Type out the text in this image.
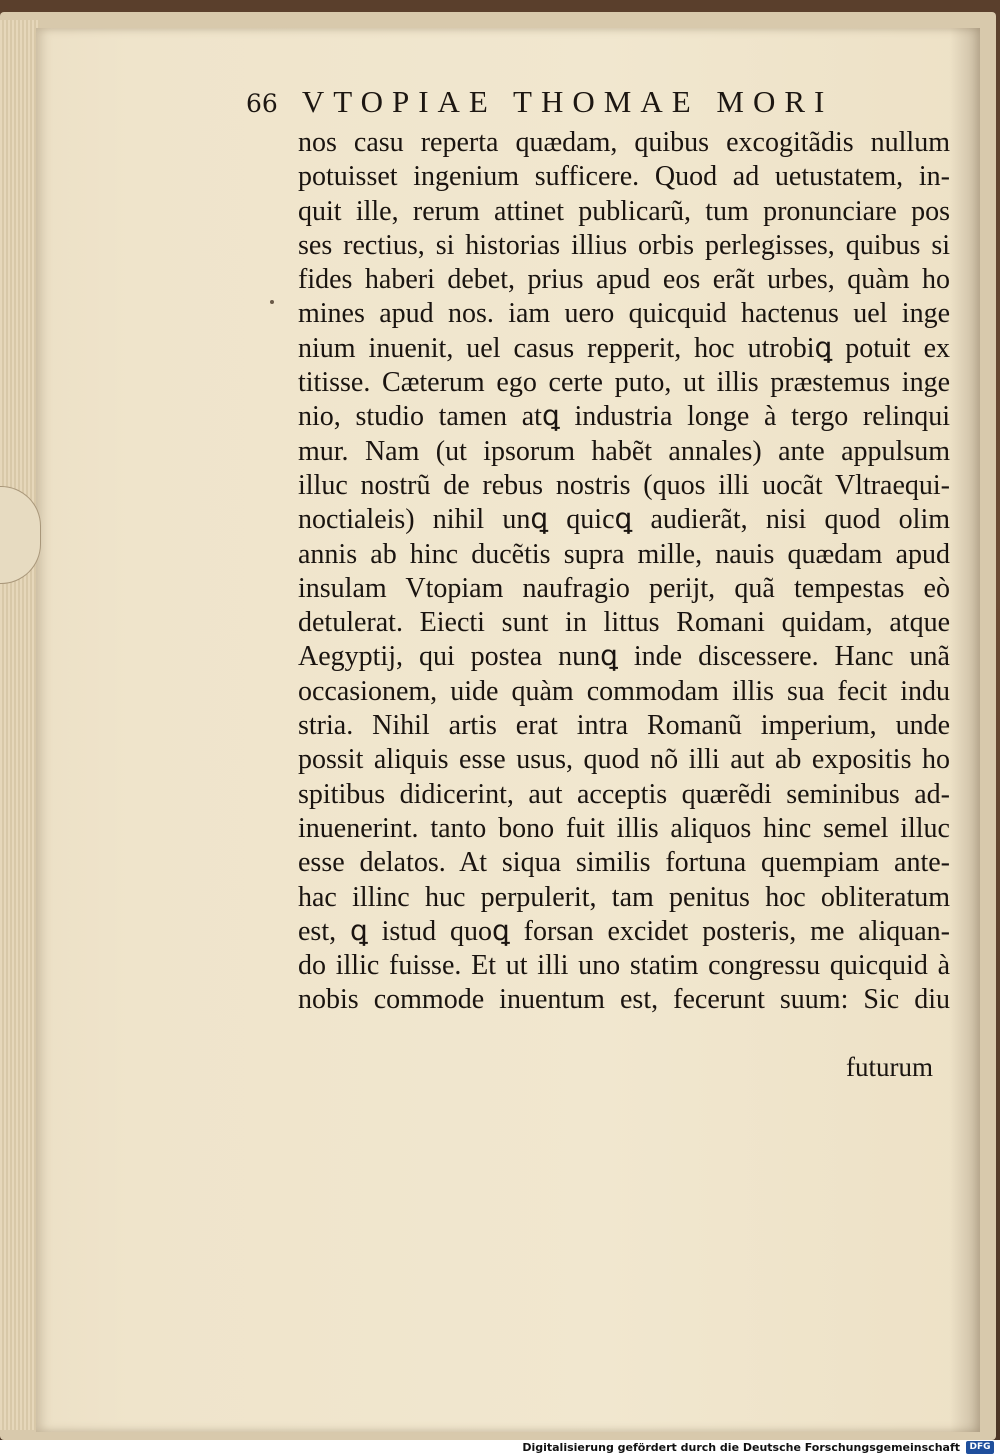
66 VTOPIAE THOMAE MORI
nos casu reperta quædam, quibus excogitãdis nullum
potuisset ingenium sufficere. Quod ad uetustatem, in-
quit ille, rerum attinet publicarũ, tum pronunciare pos
ses rectius, si historias illius orbis perlegisses, quibus si
fides haberi debet, prius apud eos erãt urbes, quàm ho
mines apud nos. iam uero quicquid hactenus uel inge
nium inuenit, uel casus repperit, hoc utrobiꝗ potuit ex
titisse. Cæterum ego certe puto, ut illis præstemus inge
nio, studio tamen atꝗ industria longe à tergo relinqui
mur. Nam (ut ipsorum habẽt annales) ante appulsum
illuc nostrũ de rebus nostris (quos illi uocãt Vltraequi-
noctialeis) nihil unꝗ quicꝗ audierãt, nisi quod olim
annis ab hinc ducẽtis supra mille, nauis quædam apud
insulam Vtopiam naufragio perijt, quã tempestas eò
detulerat. Eiecti sunt in littus Romani quidam, atque
Aegyptij, qui postea nunꝗ inde discessere. Hanc unã
occasionem, uide quàm commodam illis sua fecit indu
stria. Nihil artis erat intra Romanũ imperium, unde
possit aliquis esse usus, quod nõ illi aut ab expositis ho
spitibus didicerint, aut acceptis quærẽdi seminibus ad-
inuenerint. tanto bono fuit illis aliquos hinc semel illuc
esse delatos. At siqua similis fortuna quempiam ante-
hac illinc huc perpulerit, tam penitus hoc obliteratum
est, ꝗ istud quoꝗ forsan excidet posteris, me aliquan-
do illic fuisse. Et ut illi uno statim congressu quicquid à
nobis commode inuentum est, fecerunt suum: Sic diu
futurum
Digitalisierung gefördert durch die Deutsche Forschungsgemeinschaft	DFG
